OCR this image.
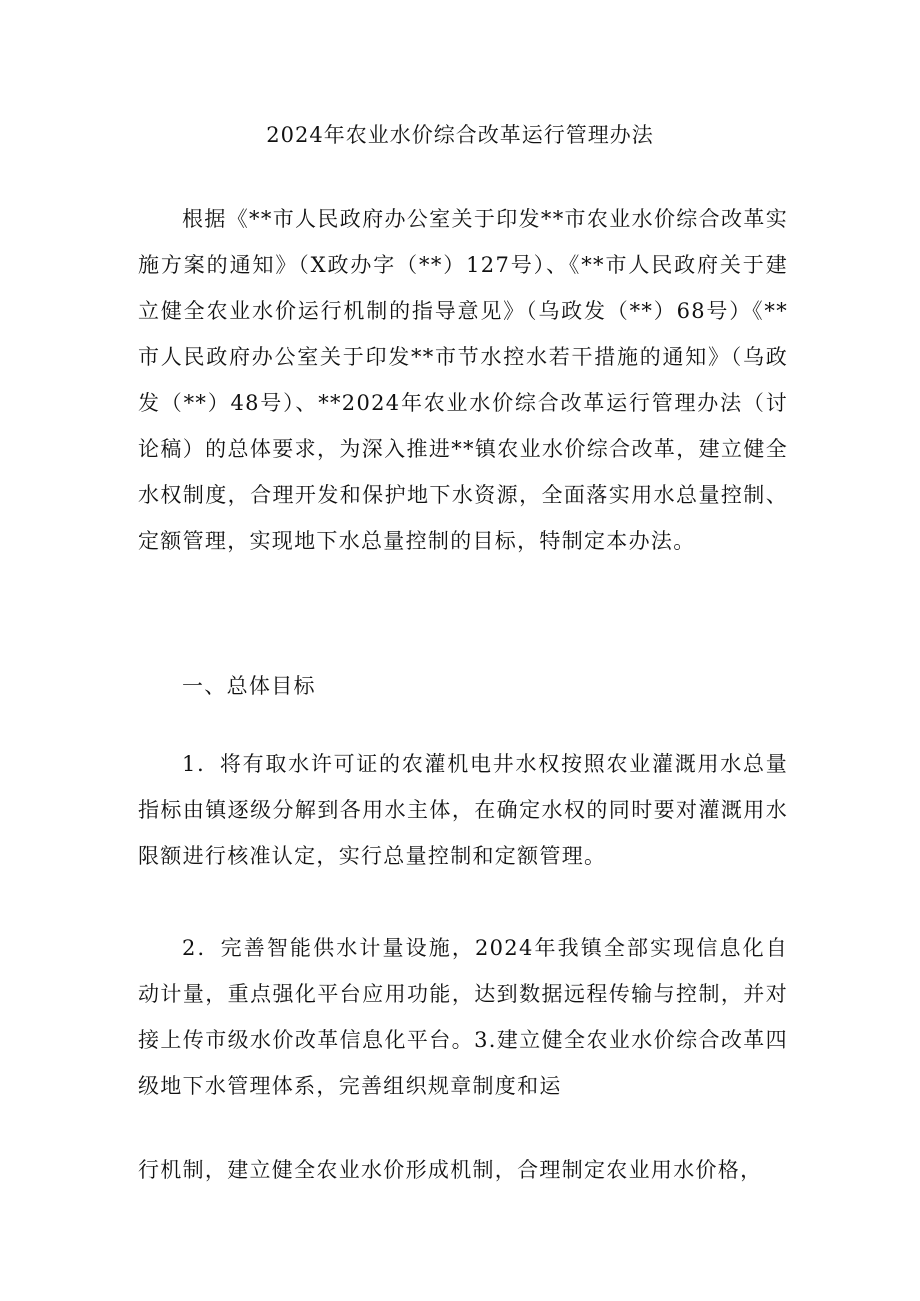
2024年农业水价综合改革运行管理办法

根据《**市人民政府办公室关于印发**市农业水价综合改革实施方案的通知》（X政办字（**）127号）、《**市人民政府关于建立健全农业水价运行机制的指导意见》（乌政发（**）68号）《**市人民政府办公室关于印发**市节水控水若干措施的通知》（乌政发（**）48号）、**2024年农业水价综合改革运行管理办法（讨论稿）的总体要求，为深入推进**镇农业水价综合改革，建立健全水权制度，合理开发和保护地下水资源，全面落实用水总量控制、定额管理，实现地下水总量控制的目标，特制定本办法。

一、总体目标

1．将有取水许可证的农灌机电井水权按照农业灌溉用水总量指标由镇逐级分解到各用水主体，在确定水权的同时要对灌溉用水限额进行核准认定，实行总量控制和定额管理。

2．完善智能供水计量设施，2024年我镇全部实现信息化自动计量，重点强化平台应用功能，达到数据远程传输与控制，并对接上传市级水价改革信息化平台。3.建立健全农业水价综合改革四级地下水管理体系，完善组织规章制度和运

行机制，建立健全农业水价形成机制，合理制定农业用水价格，
